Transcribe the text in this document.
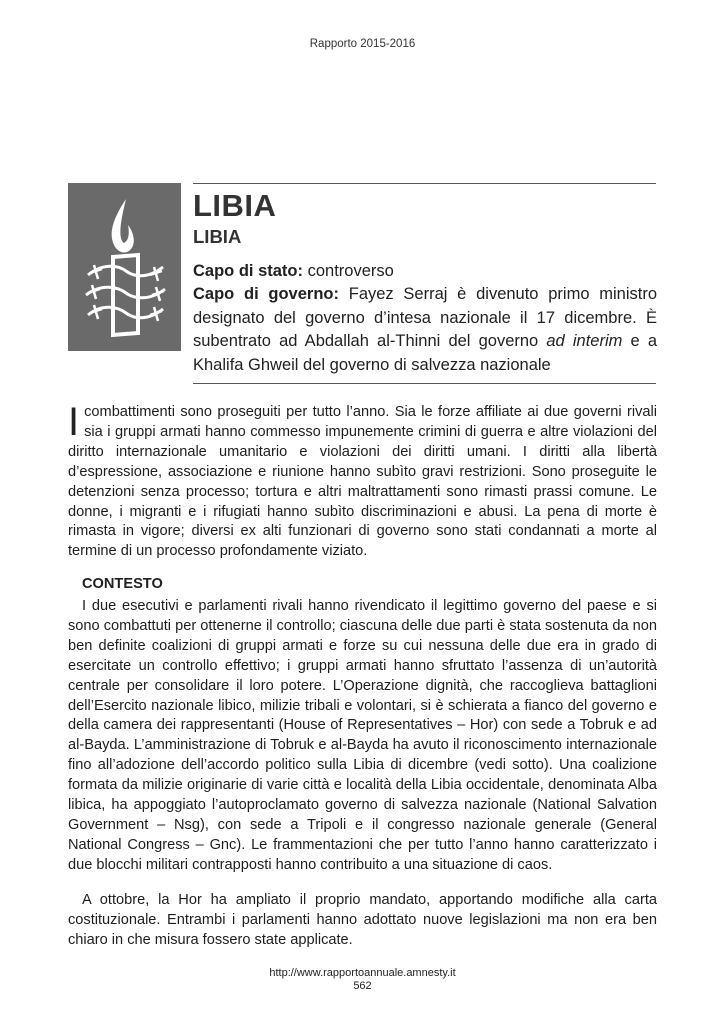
Rapporto 2015-2016
LIBIA
LIBIA
Capo di stato: controverso
Capo di governo: Fayez Serraj è divenuto primo ministro designato del governo d’intesa nazionale il 17 dicembre. È subentrato ad Abdallah al-Thinni del governo ad interim e a Khalifa Ghweil del governo di salvezza nazionale
Icombattimenti sono proseguiti per tutto l’anno. Sia le forze affiliate ai due governi rivali sia i gruppi armati hanno commesso impunemente crimini di guerra e altre violazioni del diritto internazionale umanitario e violazioni dei diritti umani. I diritti alla libertà d’espressione, associazione e riunione hanno subìto gravi restrizioni. Sono proseguite le detenzioni senza processo; tortura e altri maltrattamenti sono rimasti prassi comune. Le donne, i migranti e i rifugiati hanno subìto discriminazioni e abusi. La pena di morte è rimasta in vigore; diversi ex alti funzionari di governo sono stati condannati a morte al termine di un processo profondamente viziato.
CONTESTO
I due esecutivi e parlamenti rivali hanno rivendicato il legittimo governo del paese e si sono combattuti per ottenerne il controllo; ciascuna delle due parti è stata sostenuta da non ben definite coalizioni di gruppi armati e forze su cui nessuna delle due era in grado di esercitate un controllo effettivo; i gruppi armati hanno sfruttato l’assenza di un’autorità centrale per consolidare il loro potere. L’Operazione dignità, che raccoglieva battaglioni dell’Esercito nazionale libico, milizie tribali e volontari, si è schierata a fianco del governo e della camera dei rappresentanti (House of Representatives – Hor) con sede a Tobruk e ad al-Bayda. L’amministrazione di Tobruk e al-Bayda ha avuto il riconoscimento internazionale fino all’adozione dell’accordo politico sulla Libia di dicembre (vedi sotto). Una coalizione formata da milizie originarie di varie città e località della Libia occidentale, denominata Alba libica, ha appoggiato l’autoproclamato governo di salvezza nazionale (National Salvation Government – Nsg), con sede a Tripoli e il congresso nazionale generale (General National Congress – Gnc). Le frammentazioni che per tutto l’anno hanno caratterizzato i due blocchi militari contrapposti hanno contribuito a una situazione di caos.
A ottobre, la Hor ha ampliato il proprio mandato, apportando modifiche alla carta costituzionale. Entrambi i parlamenti hanno adottato nuove legislazioni ma non era ben chiaro in che misura fossero state applicate.
http://www.rapportoannuale.amnesty.it
562
